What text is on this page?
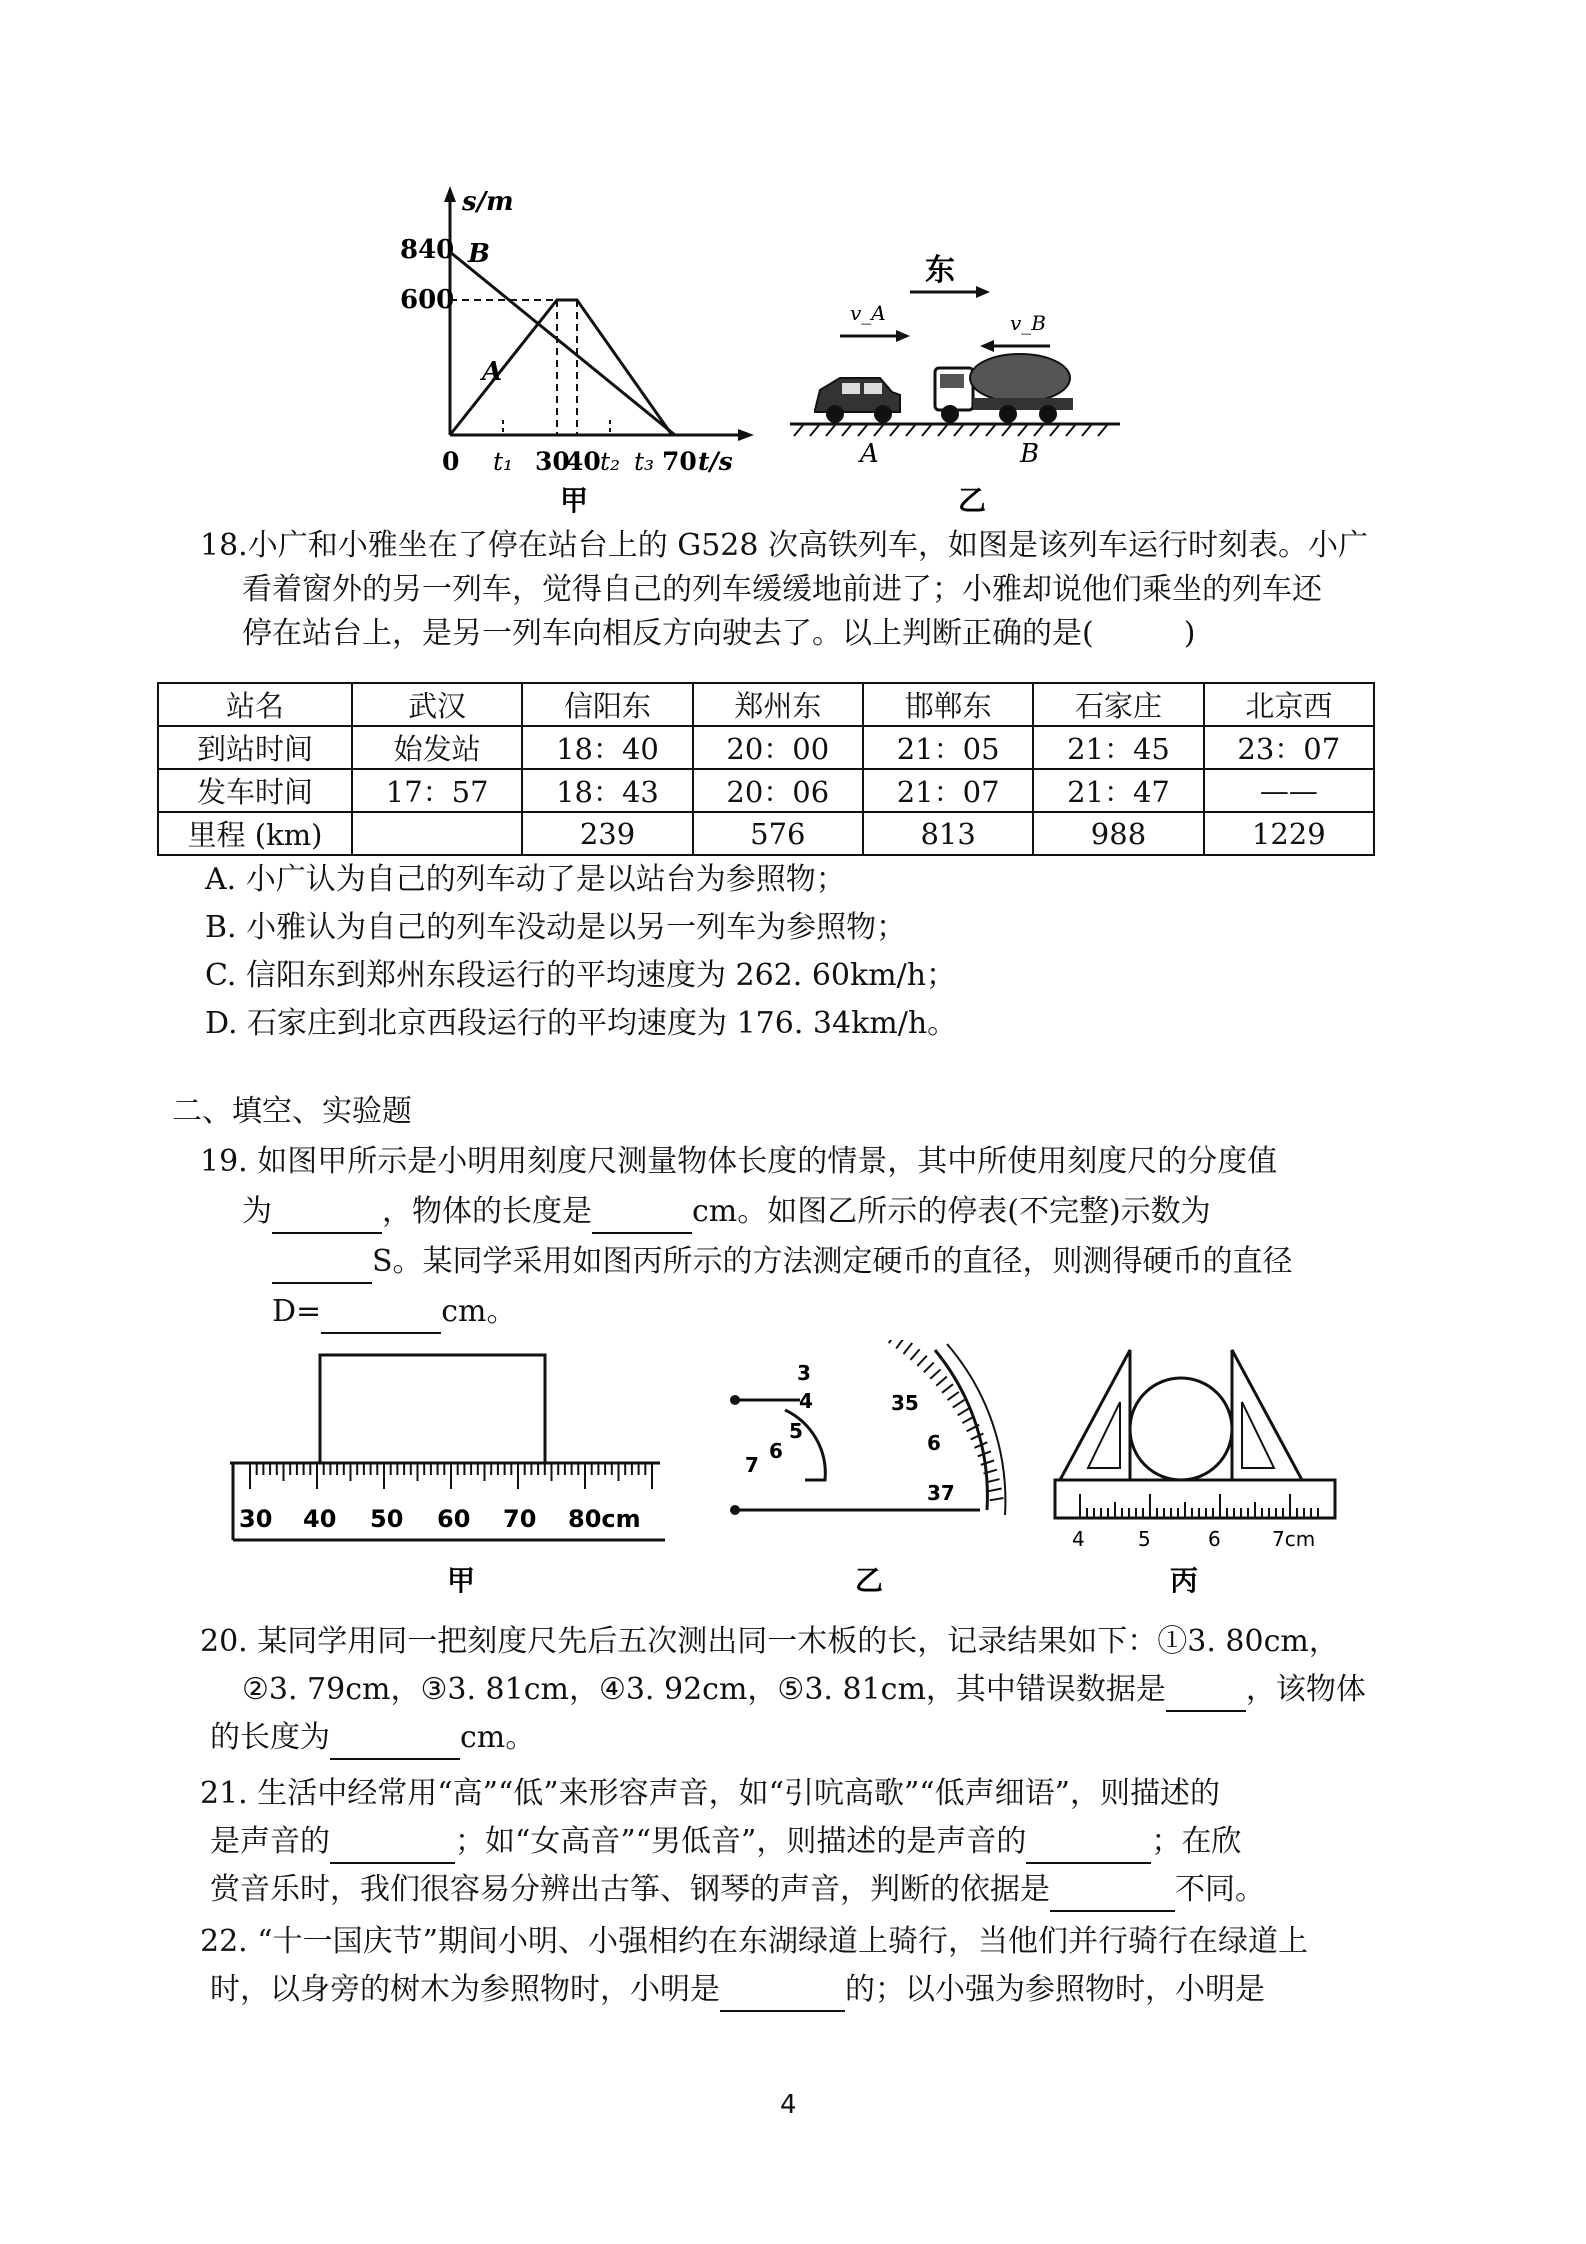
s/m
840
600
A
B
0 t₁ 30
40 t₂ t₃ 70 t/s
甲
东
v_A	v_B
A	B
乙
18.小广和小雅坐在了停在站台上的 G528 次高铁列车，如图是该列车运行时刻表。小广
看着窗外的另一列车，觉得自己的列车缓缓地前进了；小雅却说他们乘坐的列车还
停在站台上，是另一列车向相反方向驶去了。以上判断正确的是(　　　)
站名	武汉	信阳东	郑州东	邯郸东	石家庄	北京西
到站时间	始发站	18：40	20：00	21：05	21：45	23：07
发车时间	17：57	18：43	20：06	21：07	21：47	——
里程 (km)		239	576	813	988	1229
A. 小广认为自己的列车动了是以站台为参照物；
B. 小雅认为自己的列车没动是以另一列车为参照物；
C. 信阳东到郑州东段运行的平均速度为 262. 60km/h；
D. 石家庄到北京西段运行的平均速度为 176. 34km/h。
二、填空、实验题
19. 如图甲所示是小明用刻度尺测量物体长度的情景，其中所使用刻度尺的分度值
为	，物体的长度是	cm。如图乙所示的停表(不完整)示数为
S。某同学采用如图丙所示的方法测定硬币的直径，则测得硬币的直径
D=	cm。
30 40 50 60 70 80cm
甲
3
4
5
6
7
35
6
37
乙
4	5	6	7cm
丙
20. 某同学用同一把刻度尺先后五次测出同一木板的长，记录结果如下：①3. 80cm，
②3. 79cm，③3. 81cm，④3. 92cm，⑤3. 81cm，其中错误数据是	，该物体
的长度为	cm。
21. 生活中经常用“高”“低”来形容声音，如“引吭高歌”“低声细语”，则描述的
是声音的	；如“女高音”“男低音”，则描述的是声音的	；在欣
赏音乐时，我们很容易分辨出古筝、钢琴的声音，判断的依据是	不同。
22. “十一国庆节”期间小明、小强相约在东湖绿道上骑行，当他们并行骑行在绿道上
时，以身旁的树木为参照物时，小明是	的；以小强为参照物时，小明是
4
